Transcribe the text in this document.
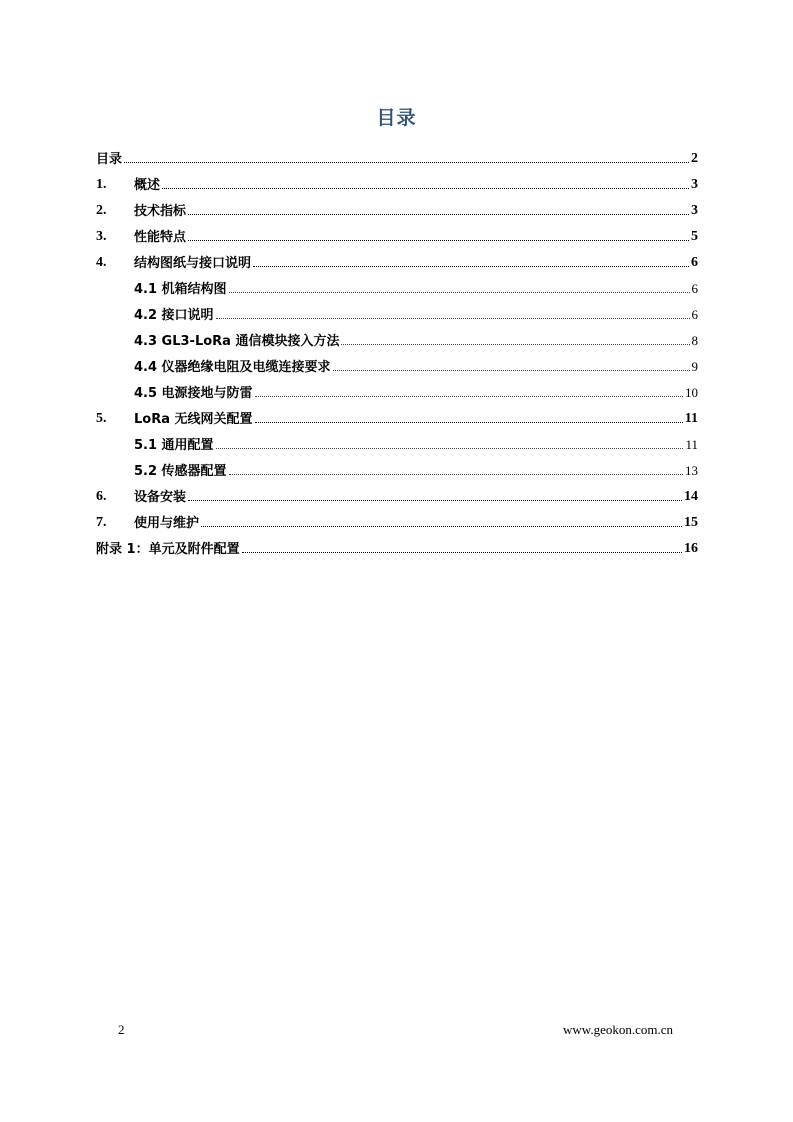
目录
目录	2
1.	概述	3
2.	技术指标	3
3.	性能特点	5
4.	结构图纸与接口说明	6
4.1 机箱结构图	6
4.2 接口说明	6
4.3 GL3-LoRa 通信模块接入方法	8
4.4 仪器绝缘电阻及电缆连接要求	9
4.5 电源接地与防雷	10
5.	LoRa 无线网关配置	11
5.1 通用配置	11
5.2 传感器配置	13
6.	设备安装	14
7.	使用与维护	15
附录 1：单元及附件配置	16
2	www.geokon.com.cn
